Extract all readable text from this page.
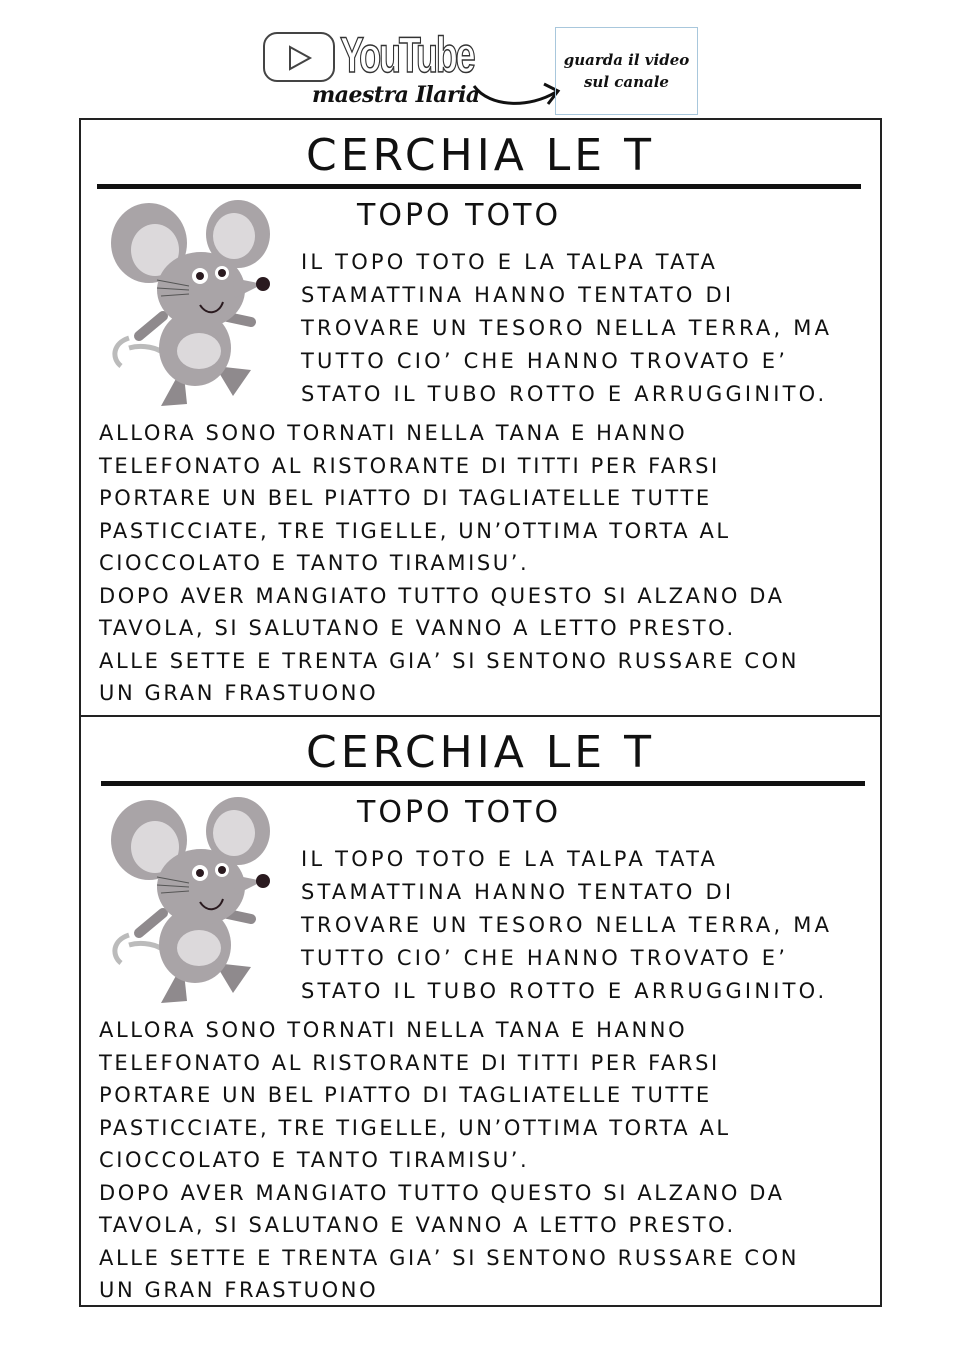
YouTube
maestra Ilaria
guarda il video
sul canale
CERCHIA LE T
TOPO TOTO
IL TOPO TOTO E LA TALPA TATA
STAMATTINA HANNO TENTATO DI
TROVARE UN TESORO NELLA TERRA, MA
TUTTO CIO’ CHE HANNO TROVATO E’
STATO IL TUBO ROTTO E ARRUGGINITO.
ALLORA SONO TORNATI NELLA TANA E HANNO
TELEFONATO AL RISTORANTE DI TITTI PER FARSI
PORTARE UN BEL PIATTO DI TAGLIATELLE TUTTE
PASTICCIATE, TRE TIGELLE, UN’OTTIMA TORTA AL
CIOCCOLATO E TANTO TIRAMISU’.
DOPO AVER MANGIATO TUTTO QUESTO SI ALZANO DA
TAVOLA, SI SALUTANO E VANNO A LETTO PRESTO.
ALLE SETTE E TRENTA GIA’ SI SENTONO RUSSARE CON
UN GRAN FRASTUONO
CERCHIA LE T
TOPO TOTO
IL TOPO TOTO E LA TALPA TATA
STAMATTINA HANNO TENTATO DI
TROVARE UN TESORO NELLA TERRA, MA
TUTTO CIO’ CHE HANNO TROVATO E’
STATO IL TUBO ROTTO E ARRUGGINITO.
ALLORA SONO TORNATI NELLA TANA E HANNO
TELEFONATO AL RISTORANTE DI TITTI PER FARSI
PORTARE UN BEL PIATTO DI TAGLIATELLE TUTTE
PASTICCIATE, TRE TIGELLE, UN’OTTIMA TORTA AL
CIOCCOLATO E TANTO TIRAMISU’.
DOPO AVER MANGIATO TUTTO QUESTO SI ALZANO DA
TAVOLA, SI SALUTANO E VANNO A LETTO PRESTO.
ALLE SETTE E TRENTA GIA’ SI SENTONO RUSSARE CON
UN GRAN FRASTUONO
